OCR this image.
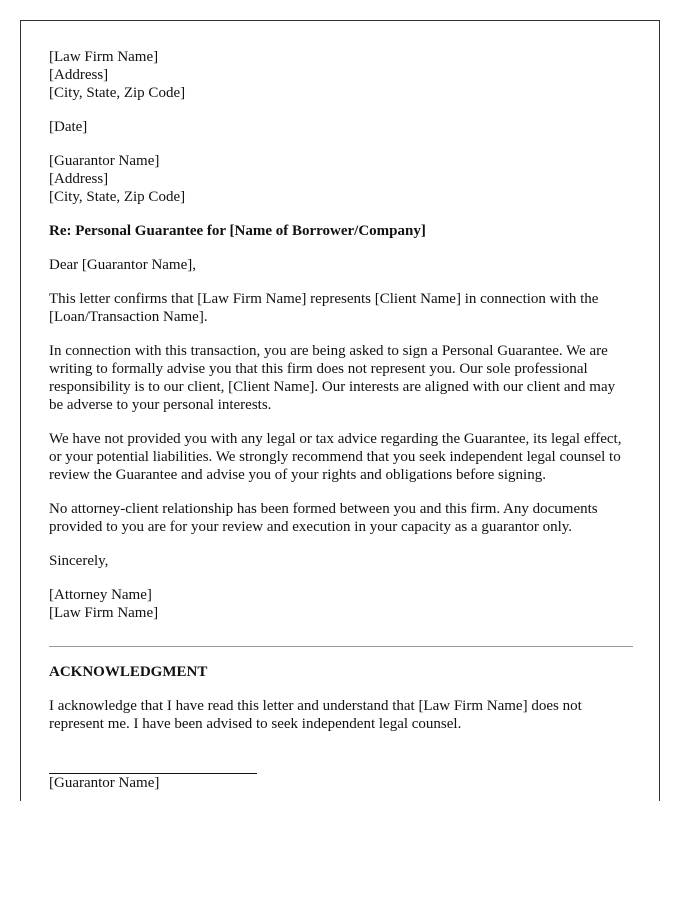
[Law Firm Name]
[Address]
[City, State, Zip Code]
[Date]
[Guarantor Name]
[Address]
[City, State, Zip Code]
Re: Personal Guarantee for [Name of Borrower/Company]

Dear [Guarantor Name],

This letter confirms that [Law Firm Name] represents [Client Name] in connection with the [Loan/Transaction Name].

In connection with this transaction, you are being asked to sign a Personal Guarantee. We are writing to formally advise you that this firm does not represent you. Our sole professional responsibility is to our client, [Client Name]. Our interests are aligned with our client and may be adverse to your personal interests.

We have not provided you with any legal or tax advice regarding the Guarantee, its legal effect, or your potential liabilities. We strongly recommend that you seek independent legal counsel to review the Guarantee and advise you of your rights and obligations before signing.

No attorney-client relationship has been formed between you and this firm. Any documents provided to you are for your review and execution in your capacity as a guarantor only.

Sincerely,

[Attorney Name]
[Law Firm Name]
ACKNOWLEDGMENT

I acknowledge that I have read this letter and understand that [Law Firm Name] does not represent me. I have been advised to seek independent legal counsel.

[Guarantor Name]
